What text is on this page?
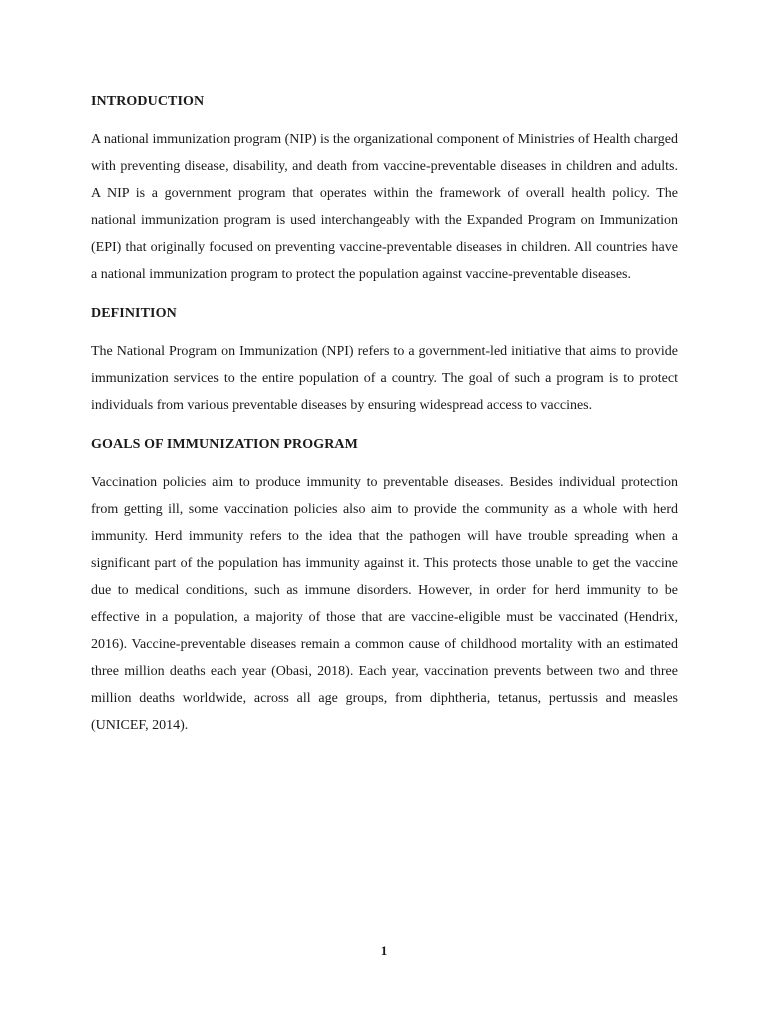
INTRODUCTION

A national immunization program (NIP) is the organizational component of Ministries of Health charged with preventing disease, disability, and death from vaccine-preventable diseases in children and adults. A NIP is a government program that operates within the framework of overall health policy. The national immunization program is used interchangeably with the Expanded Program on Immunization (EPI) that originally focused on preventing vaccine-preventable diseases in children. All countries have a national immunization program to protect the population against vaccine-preventable diseases.

DEFINITION

The National Program on Immunization (NPI) refers to a government-led initiative that aims to provide immunization services to the entire population of a country. The goal of such a program is to protect individuals from various preventable diseases by ensuring widespread access to vaccines.

GOALS OF IMMUNIZATION PROGRAM

Vaccination policies aim to produce immunity to preventable diseases. Besides individual protection from getting ill, some vaccination policies also aim to provide the community as a whole with herd immunity. Herd immunity refers to the idea that the pathogen will have trouble spreading when a significant part of the population has immunity against it. This protects those unable to get the vaccine due to medical conditions, such as immune disorders. However, in order for herd immunity to be effective in a population, a majority of those that are vaccine-eligible must be vaccinated (Hendrix, 2016). Vaccine-preventable diseases remain a common cause of childhood mortality with an estimated three million deaths each year (Obasi, 2018). Each year, vaccination prevents between two and three million deaths worldwide, across all age groups, from diphtheria, tetanus, pertussis and measles (UNICEF, 2014).

1
